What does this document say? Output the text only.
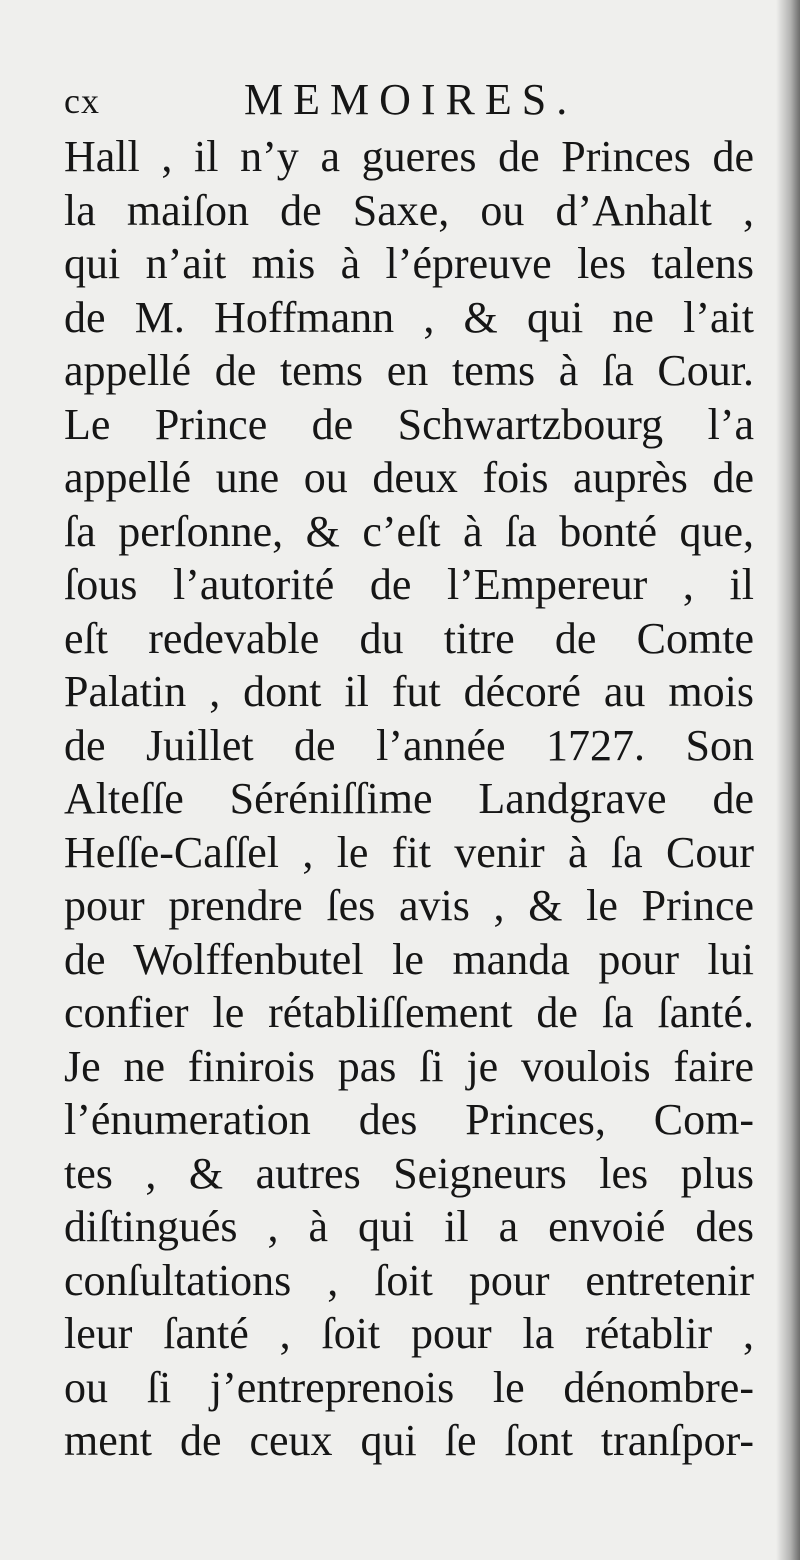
cx	MEMOIRES.
Hall , il n’y a gueres de Princes de
la maiſon de Saxe, ou d’Anhalt ,
qui n’ait mis à l’épreuve les talens
de M. Hoffmann , & qui ne l’ait
appellé de tems en tems à ſa Cour.
Le Prince de Schwartzbourg l’a
appellé une ou deux fois auprès de
ſa perſonne, & c’eſt à ſa bonté que,
ſous l’autorité de l’Empereur , il
eſt redevable du titre de Comte
Palatin , dont il fut décoré au mois
de Juillet de l’année 1727. Son
Alteſſe Séréniſſime Landgrave de
Heſſe-Caſſel , le fit venir à ſa Cour
pour prendre ſes avis , & le Prince
de Wolffenbutel le manda pour lui
confier le rétabliſſement de ſa ſanté.
Je ne finirois pas ſi je voulois faire
l’énumeration des Princes, Com-
tes , & autres Seigneurs les plus
diſtingués , à qui il a envoié des
conſultations , ſoit pour entretenir
leur ſanté , ſoit pour la rétablir ,
ou ſi j’entreprenois le dénombre-
ment de ceux qui ſe ſont tranſpor-
